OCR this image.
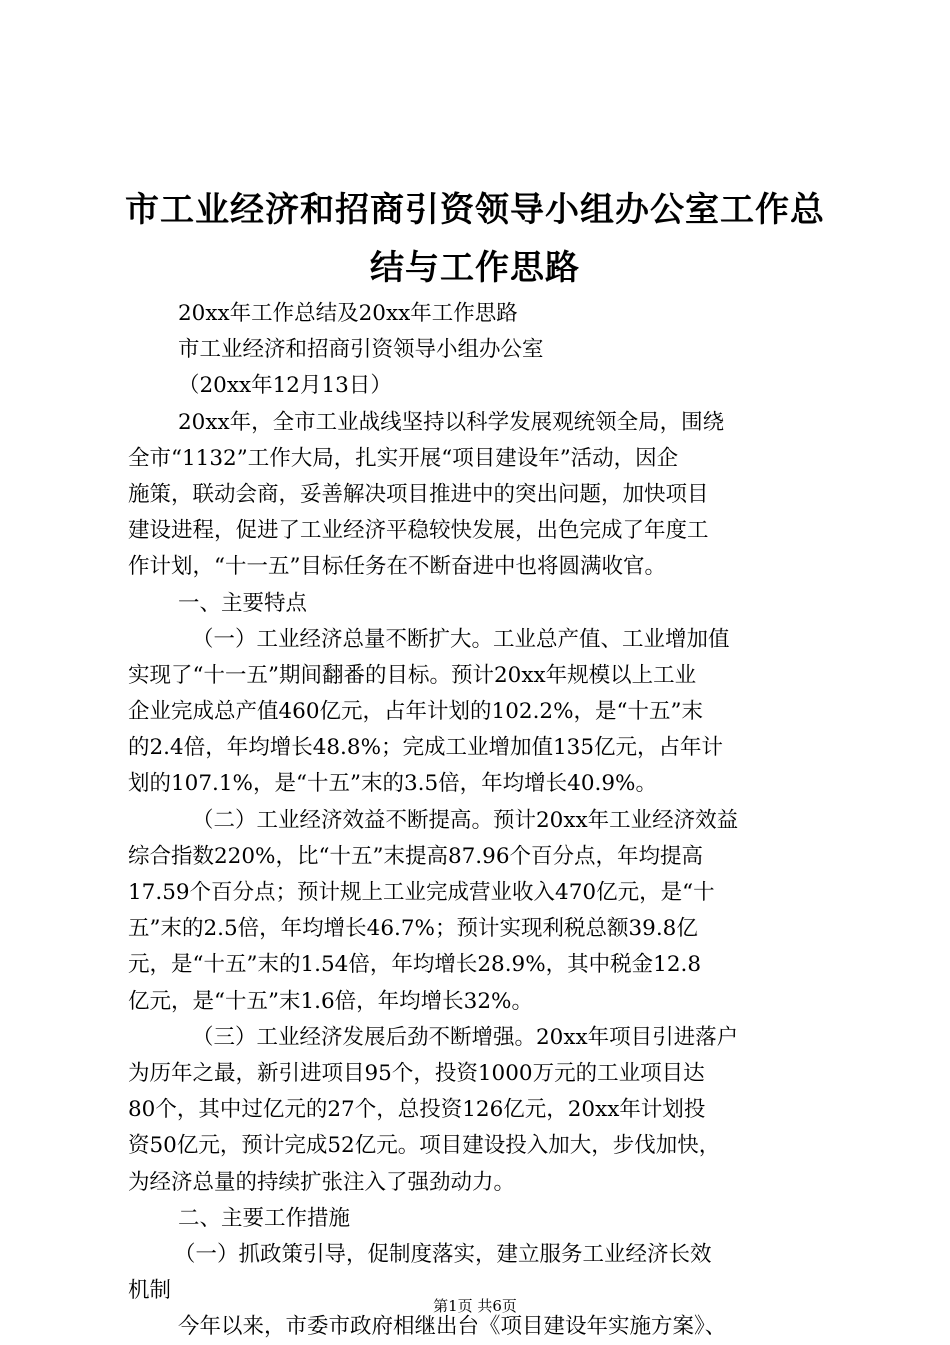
市工业经济和招商引资领导小组办公室工作总
结与工作思路
20xx年工作总结及20xx年工作思路
市工业经济和招商引资领导小组办公室
（20xx年12月13日）
20xx年，全市工业战线坚持以科学发展观统领全局，围绕
全市“1132”工作大局，扎实开展“项目建设年”活动，因企
施策，联动会商，妥善解决项目推进中的突出问题，加快项目
建设进程，促进了工业经济平稳较快发展，出色完成了年度工
作计划，“十一五”目标任务在不断奋进中也将圆满收官。
一、主要特点
（一）工业经济总量不断扩大。工业总产值、工业增加值
实现了“十一五”期间翻番的目标。预计20xx年规模以上工业
企业完成总产值460亿元，占年计划的102.2%，是“十五”末
的2.4倍，年均增长48.8%；完成工业增加值135亿元，占年计
划的107.1%，是“十五”末的3.5倍，年均增长40.9%。
（二）工业经济效益不断提高。预计20xx年工业经济效益
综合指数220%，比“十五”末提高87.96个百分点，年均提高
17.59个百分点；预计规上工业完成营业收入470亿元，是“十
五”末的2.5倍，年均增长46.7%；预计实现利税总额39.8亿
元，是“十五”末的1.54倍，年均增长28.9%，其中税金12.8
亿元，是“十五”末1.6倍，年均增长32%。
（三）工业经济发展后劲不断增强。20xx年项目引进落户
为历年之最，新引进项目95个，投资1000万元的工业项目达
80个，其中过亿元的27个，总投资126亿元，20xx年计划投
资50亿元，预计完成52亿元。项目建设投入加大，步伐加快，
为经济总量的持续扩张注入了强劲动力。
二、主要工作措施
（一）抓政策引导，促制度落实，建立服务工业经济长效
机制
今年以来，市委市政府相继出台《项目建设年实施方案》、
第1页 共6页
